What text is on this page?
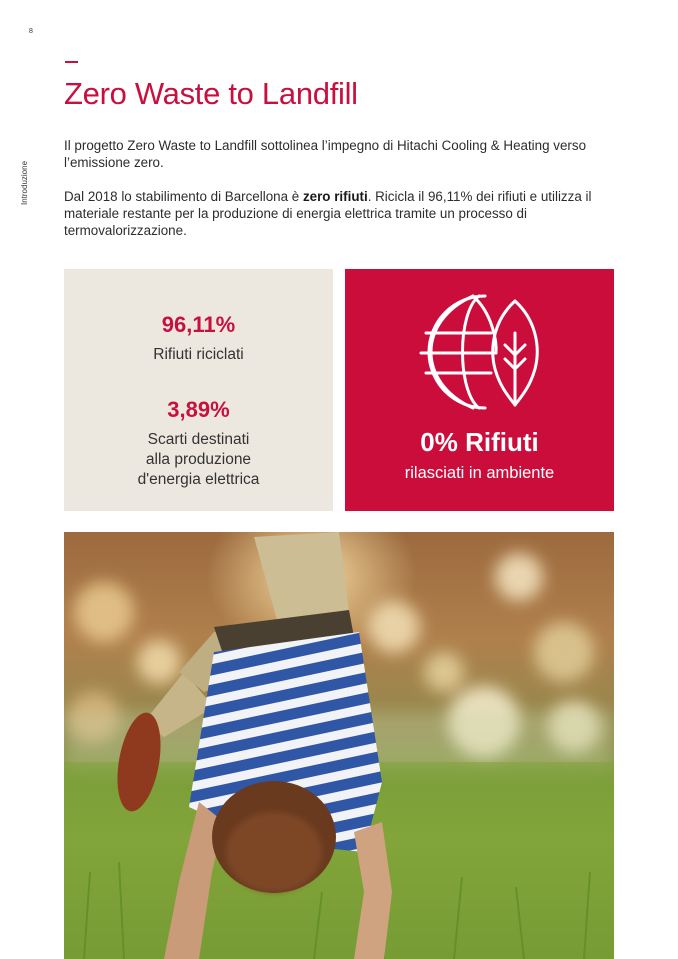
8
Introduzione
Zero Waste to Landfill

Il progetto Zero Waste to Landfill sottolinea l’impegno di Hitachi Cooling & Heating verso l’emissione zero.

Dal 2018 lo stabilimento di Barcellona è zero rifiuti. Ricicla il 96,11% dei rifiuti e utilizza il materiale restante per la produzione di energia elettrica tramite un processo di termovalorizzazione.

96,11%
Rifiuti riciclati
3,89%
Scarti destinati
alla produzione
d'energia elettrica
0% Rifiuti
rilasciati in ambiente
